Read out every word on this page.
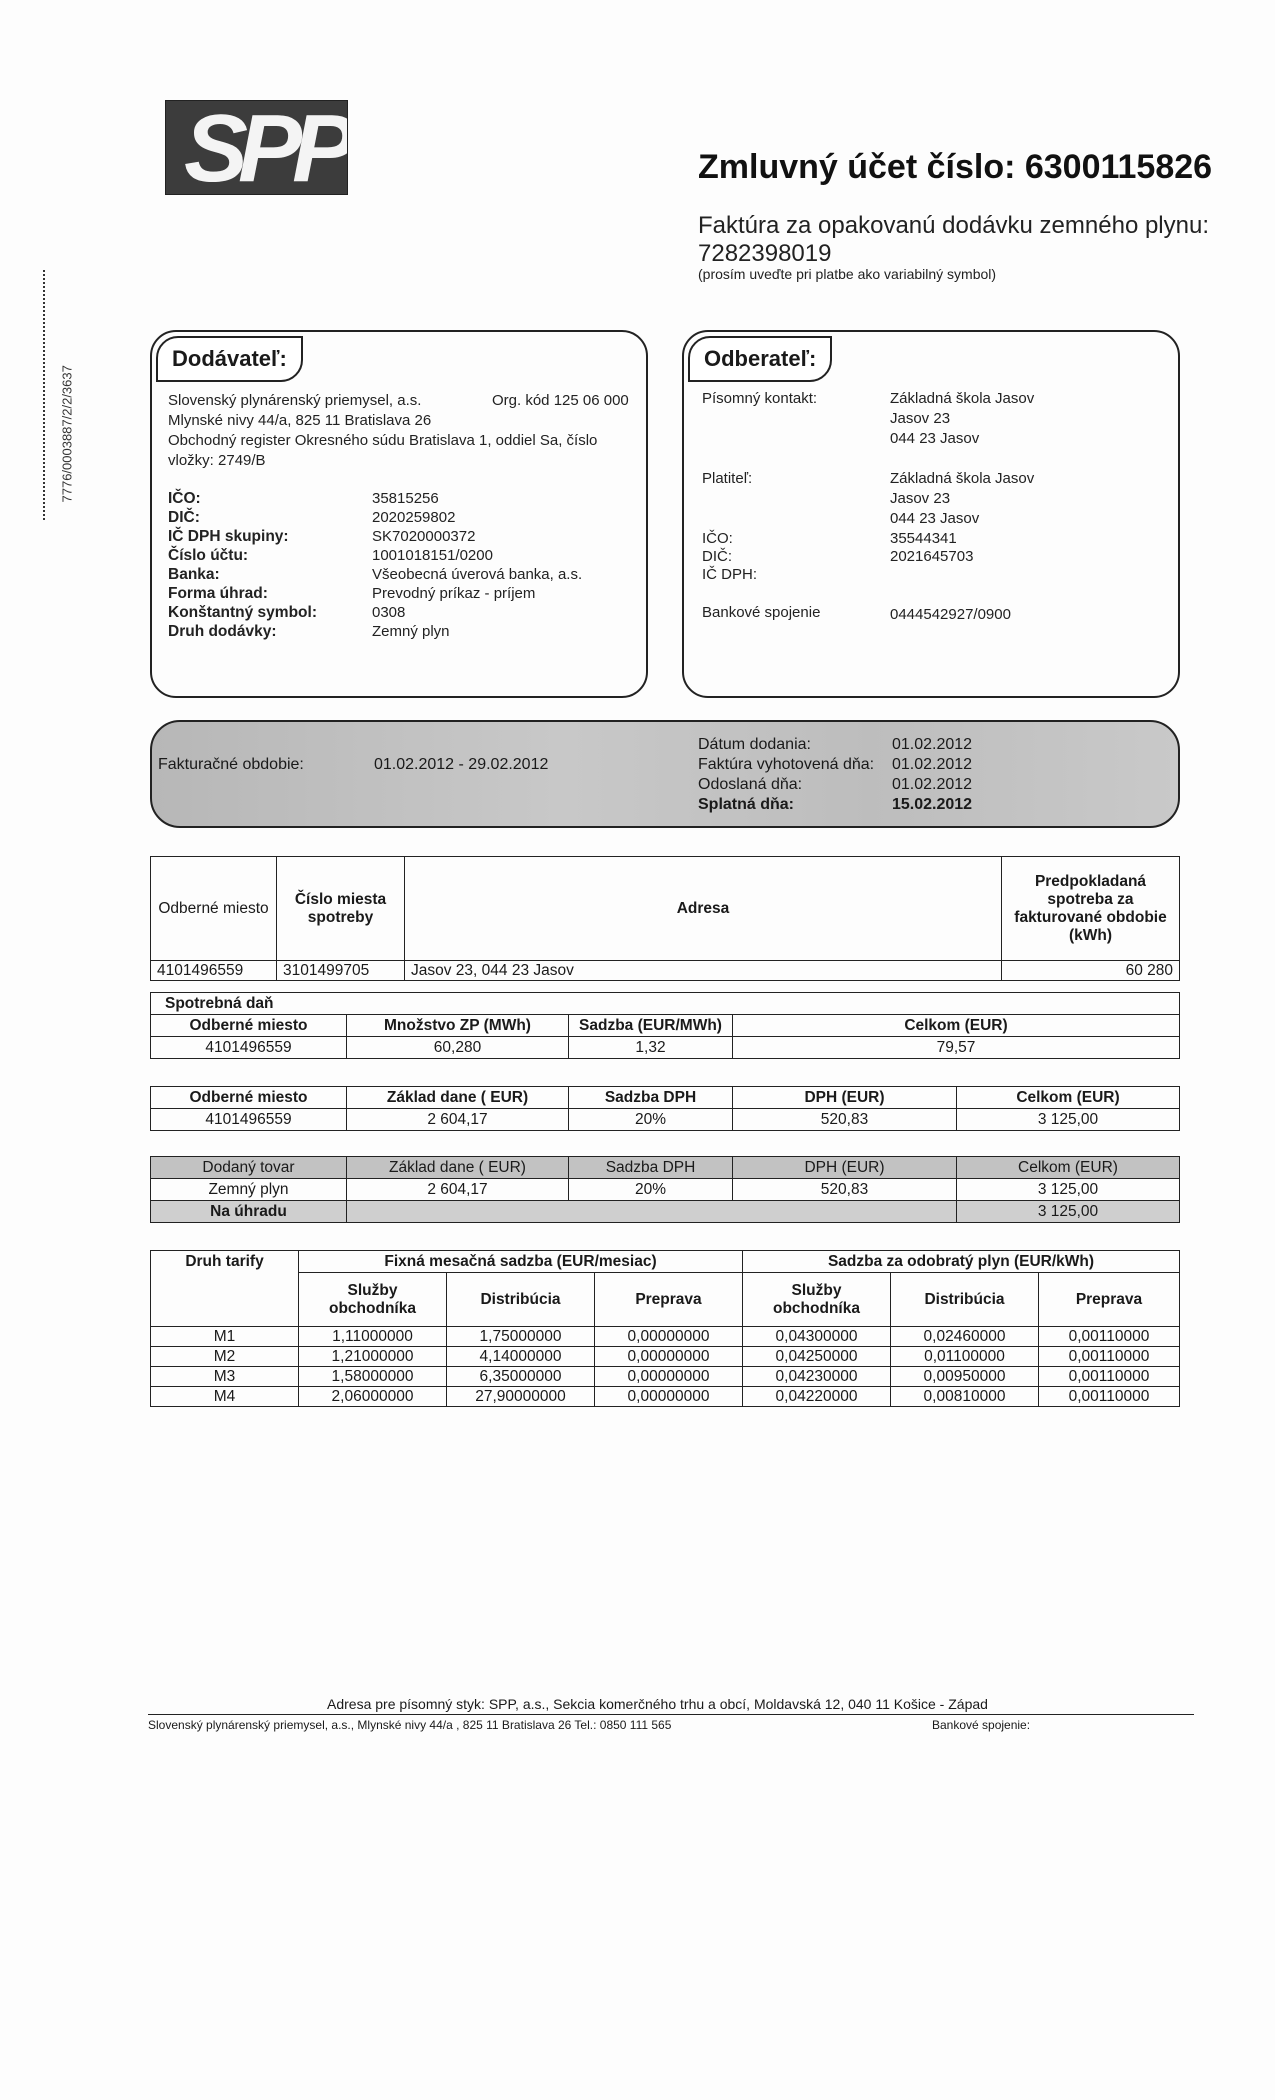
SPP
7776/0003887/2/2/3637
Zmluvný účet číslo: 6300115826
Faktúra za opakovanú dodávku zemného plynu:
7282398019
(prosím uveďte pri platbe ako variabilný symbol)
Dodávateľ:
Slovenský plynárenský priemysel, a.s.	Org. kód 125 06 000
Mlynské nivy 44/a, 825 11 Bratislava 26
Obchodný register Okresného súdu Bratislava 1, oddiel Sa, číslo
vložky: 2749/B
IČO:	35815256
DIČ:	2020259802
IČ DPH skupiny:	SK7020000372
Číslo účtu:	1001018151/0200
Banka:	Všeobecná úverová banka, a.s.
Forma úhrad:	Prevodný príkaz - príjem
Konštantný symbol:	0308
Druh dodávky:	Zemný plyn
Odberateľ:
Písomný kontakt:	Základná škola Jasov
Jasov 23
044 23 Jasov
Platiteľ:	Základná škola Jasov
Jasov 23
044 23 Jasov
IČO:	35544341
DIČ:	2021645703
IČ DPH:
Bankové spojenie	0444542927/0900
Fakturačné obdobie:	01.02.2012 - 29.02.2012
Dátum dodania:	01.02.2012
Faktúra vyhotovená dňa: 01.02.2012
Odoslaná dňa:	01.02.2012
Splatná dňa:	15.02.2012
Odberné miesto	Číslo miesta spotreby	Adresa	Predpokladaná spotreba za fakturované obdobie (kWh)
4101496559	3101499705	Jasov 23, 044 23 Jasov	60 280
Spotrebná daň			
Odberné miesto	Množstvo ZP (MWh)	Sadzba (EUR/MWh)	Celkom (EUR)
4101496559	60,280	1,32	79,57
Odberné miesto	Základ dane ( EUR)	Sadzba DPH	DPH (EUR)	Celkom (EUR)
4101496559	2 604,17	20%	520,83	3 125,00
Dodaný tovar	Základ dane ( EUR)	Sadzba DPH	DPH (EUR)	Celkom (EUR)
Zemný plyn	2 604,17	20%	520,83	3 125,00
Na úhradu				3 125,00
Druh tarify	Fixná mesačná sadzba (EUR/mesiac)			Sadzba za odobratý plyn (EUR/kWh)		
	Služby obchodníka	Distribúcia	Preprava	Služby obchodníka	Distribúcia	Preprava
M1	1,11000000	1,75000000	0,00000000	0,04300000	0,02460000	0,00110000
M2	1,21000000	4,14000000	0,00000000	0,04250000	0,01100000	0,00110000
M3	1,58000000	6,35000000	0,00000000	0,04230000	0,00950000	0,00110000
M4	2,06000000	27,90000000	0,00000000	0,04220000	0,00810000	0,00110000
Adresa pre písomný styk: SPP, a.s., Sekcia komerčného trhu a obcí, Moldavská 12, 040 11 Košice - Západ
Slovenský plynárenský priemysel, a.s., Mlynské nivy 44/a , 825 11 Bratislava 26 Tel.: 0850 111 565	Bankové spojenie:
